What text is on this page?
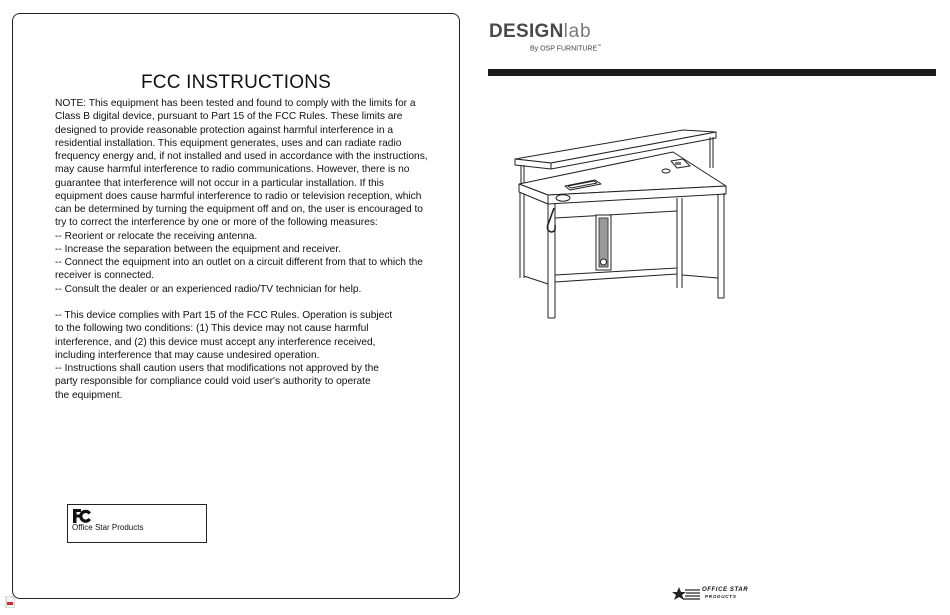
FCC INSTRUCTIONS
NOTE: This equipment has been tested and found to comply with the limits for a
Class B digital device, pursuant to Part 15 of the FCC Rules. These limits are
designed to provide reasonable protection against harmful interference in a
residential installation. This equipment generates, uses and can radiate radio
frequency energy and, if not installed and used in accordance with the instructions,
may cause harmful interference to radio communications. However, there is no
guarantee that interference will not occur in a particular installation. If this
equipment does cause harmful interference to radio or television reception, which
can be determined by turning the equipment off and on, the user is encouraged to
try to correct the interference by one or more of the following measures:
-- Reorient or relocate the receiving antenna.
-- Increase the separation between the equipment and receiver.
-- Connect the equipment into an outlet on a circuit different from that to which the
receiver is connected.
-- Consult the dealer or an experienced radio/TV technician for help.
-- This device complies with Part 15 of the FCC Rules. Operation is subject
to the following two conditions: (1) This device may not cause harmful
interference, and (2) this device must accept any interference received,
including interference that may cause undesired operation.
-- Instructions shall caution users that modifications not approved by the
party responsible for compliance could void user's authority to operate
the equipment.
Office Star Products
DESIGNlab
By OSP FURNITURE™
OFFICE STAR
PRODUCTS
